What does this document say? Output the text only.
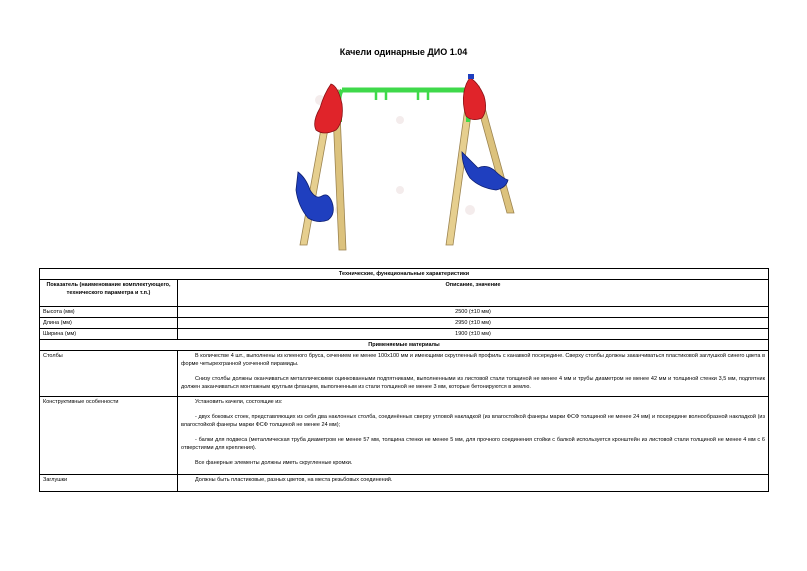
Качели одинарные ДИО 1.04
Технические, функциональные характеристики	
Показатель (наименование комплектующего, технического параметра и т.п.)	Описание, значение
Высота (мм)	2500 (±10 мм)
Длина (мм)	2950 (±10 мм)
Ширина (мм)	1900 (±10 мм)
Применяемые материалы	
Столбы	В количестве 4 шт., выполнены из клееного бруса, сечением не менее 100х100 мм и имеющими скругленный профиль с канавкой посередине. Сверху столбы должны заканчиваться пластиковой заглушкой синего цвета в форме четырехгранной усеченной пирамиды.

Снизу столбы должны оканчиваться металлическими оцинкованными подпятниками, выполненными из листовой стали толщиной не менее 4 мм и трубы диаметром не менее 42 мм и толщиной стенки 3,5 мм, подпятник должен заканчиваться монтажным круглым фланцем, выполненным из стали толщиной не менее 3 мм, которые бетонируются в землю.

Конструктивные особенности	Установить качели, состоящие из:

- двух боковых стоек, представляющих из себя два наклонных столба, соединённых сверху угловой накладкой (из влагостойкой фанеры марки ФСФ толщиной не менее 24 мм) и посередине волнообразной накладкой (из влагостойкой фанеры марки ФСФ толщиной не менее 24 мм);

- балки для подвеса (металлическая труба диаметром не менее 57 мм, толщина стенки не менее 5 мм, для прочного соединения стойки с балкой используется кронштейн из листовой стали толщиной не менее 4 мм с 6 отверстиями для крепления).

Все фанерные элементы должны иметь скругленные кромки.

Заглушки	Должны быть пластиковые, разных цветов, на места резьбовых соединений.
